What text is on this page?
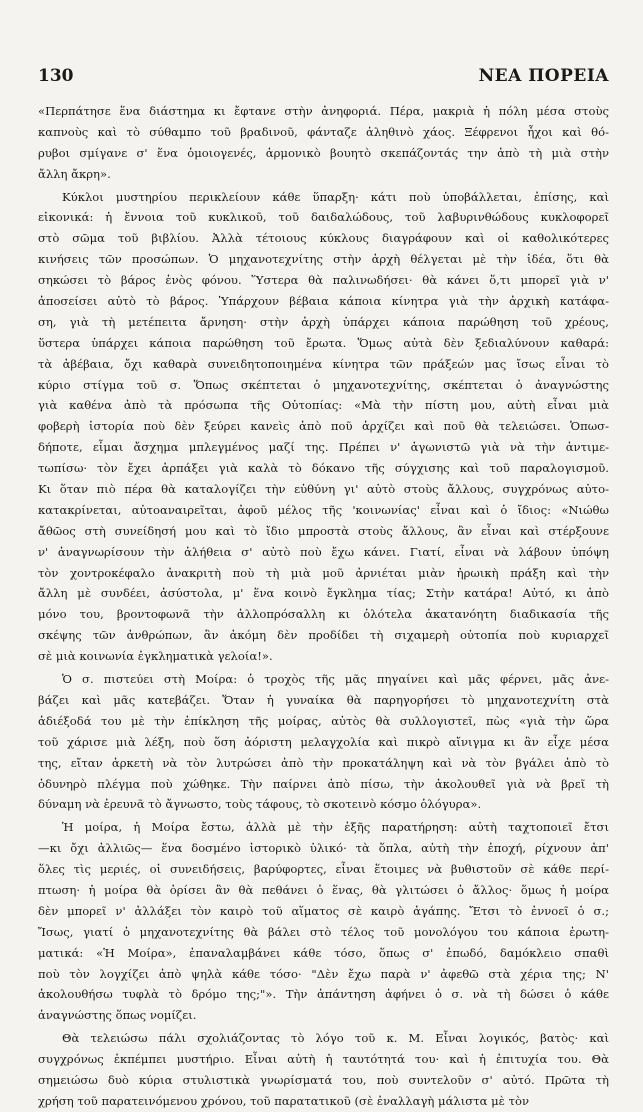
130	ΝΕΑ ΠΟΡΕΙΑ
«Περπάτησε ἕνα διάστημα κι ἔφτανε στὴν ἀνηφοριά. Πέρα, μακριὰ ἡ πόλη μέσα στοὺς
καπνοὺς καὶ τὸ σύθαμπο τοῦ βραδινοῦ, φάνταζε ἀληθινὸ χάος. Ξέφρενοι ἦχοι καὶ θό-
ρυβοι σμίγανε σ' ἕνα ὁμοιογενές, ἁρμονικὸ βουητὸ σκεπάζοντάς την ἀπὸ τὴ μιὰ στὴν
ἄλλη ἄκρη».
Κύκλοι μυστηρίου περικλείουν κάθε ὕπαρξη· κάτι ποὺ ὑποβάλλεται, ἐπίσης, καὶ
εἰκονικά: ἡ ἔννοια τοῦ κυκλικοῦ, τοῦ δαιδαλώδους, τοῦ λαβυρινθώδους κυκλοφορεῖ
στὸ σῶμα τοῦ βιβλίου. Ἀλλὰ τέτοιους κύκλους διαγράφουν καὶ οἱ καθολικότερες
κινήσεις τῶν προσώπων. Ὁ μηχανοτεχνίτης στὴν ἀρχὴ θέλγεται μὲ τὴν ἰδέα, ὅτι θὰ
σηκώσει τὸ βάρος ἑνὸς φόνου. Ὕστερα θὰ παλινωδήσει· θὰ κάνει ὅ,τι μπορεῖ γιὰ ν'
ἀποσείσει αὐτὸ τὸ βάρος. Ὑπάρχουν βέβαια κάποια κίνητρα γιὰ τὴν ἀρχικὴ κατάφα-
ση, γιὰ τὴ μετέπειτα ἄρνηση· στὴν ἀρχὴ ὑπάρχει κάποια παρώθηση τοῦ χρέους,
ὕστερα ὑπάρχει κάποια παρώθηση τοῦ ἔρωτα. Ὅμως αὐτὰ δὲν ξεδιαλύνουν καθαρά:
τὰ ἀβέβαια, ὄχι καθαρὰ συνειδητοποιημένα κίνητρα τῶν πράξεών μας ἴσως εἶναι τὸ
κύριο στίγμα τοῦ σ. Ὅπως σκέπτεται ὁ μηχανοτεχνίτης, σκέπτεται ὁ ἀναγνώστης
γιὰ καθένα ἀπὸ τὰ πρόσωπα τῆς Οὐτοπίας: «Μὰ τὴν πίστη μου, αὐτὴ εἶναι μιὰ
φοβερὴ ἱστορία ποὺ δὲν ξεύρει κανεὶς ἀπὸ ποῦ ἀρχίζει καὶ ποῦ θὰ τελειώσει. Ὁπωσ-
δήποτε, εἶμαι ἄσχημα μπλεγμένος μαζί της. Πρέπει ν' ἀγωνιστῶ γιὰ νὰ τὴν ἀντιμε-
τωπίσω· τὸν ἔχει ἁρπάξει γιὰ καλὰ τὸ δόκανο τῆς σύγχισης καὶ τοῦ παραλογισμοῦ.
Κι ὅταν πιὸ πέρα θὰ καταλογίζει τὴν εὐθύνη γι' αὐτὸ στοὺς ἄλλους, συγχρόνως αὐτο-
κατακρίνεται, αὐτοαναιρεῖται, ἀφοῦ μέλος τῆς 'κοινωνίας' εἶναι καὶ ὁ ἴδιος: «Νιώθω
ἄθῶος στὴ συνείδησή μου καὶ τὸ ἴδιο μπροστὰ στοὺς ἄλλους, ἂν εἶναι καὶ στέρξουνε
ν' ἀναγνωρίσουν τὴν ἀλήθεια σ' αὐτὸ ποὺ ἔχω κάνει. Γιατί, εἶναι νὰ λάβουν ὑπόψη
τὸν χοντροκέφαλο ἀνακριτὴ ποὺ τὴ μιὰ μοῦ ἀρνιέται μιὰν ἠρωικὴ πράξη καὶ τὴν
ἄλλη μὲ συνδέει, ἀσύστολα, μ' ἕνα κοινὸ ἔγκλημα τίας; Στὴν κατάρα! Αὐτό, κι ἀπὸ
μόνο του, βροντοφωνᾶ τὴν ἀλλοπρόσαλλη κι ὁλότελα ἀκατανόητη διαδικασία τῆς
σκέψης τῶν ἀνθρώπων, ἂν ἀκόμη δὲν προδίδει τὴ σιχαμερὴ οὐτοπία ποὺ κυριαρχεῖ
σὲ μιὰ κοινωνία ἐγκληματικὰ γελοία!».
Ὁ σ. πιστεύει στὴ Μοίρα: ὁ τροχὸς τῆς μᾶς πηγαίνει καὶ μᾶς φέρνει, μᾶς ἀνε-
βάζει καὶ μᾶς κατεβάζει. Ὅταν ἡ γυναίκα θὰ παρηγορήσει τὸ μηχανοτεχνίτη στὰ
ἀδιέξοδά του μὲ τὴν ἐπίκληση τῆς μοίρας, αὐτὸς θὰ συλλογιστεῖ, πὼς «γιὰ τὴν ὥρα
τοῦ χάρισε μιὰ λέξη, ποὺ ὅση ἀόριστη μελαγχολία καὶ πικρὸ αἴνιγμα κι ἂν εἶχε μέσα
της, εἴταν ἀρκετὴ νὰ τὸν λυτρώσει ἀπὸ τὴν προκατάληψη καὶ νὰ τὸν βγάλει ἀπὸ τὸ
ὀδυνηρὸ πλέγμα ποὺ χώθηκε. Τὴν παίρνει ἀπὸ πίσω, τὴν ἀκολουθεῖ γιὰ νὰ βρεῖ τὴ
δύναμη νὰ ἐρευνᾶ τὸ ἄγνωστο, τοὺς τάφους, τὸ σκοτεινὸ κόσμο ὁλόγυρα».
Ἡ μοίρα, ἡ Μοίρα ἔστω, ἀλλὰ μὲ τὴν ἑξῆς παρατήρηση: αὐτὴ ταχτοποιεῖ ἔτσι
—κι ὄχι ἀλλιῶς— ἕνα δοσμένο ἱστορικὸ ὑλικό· τὰ ὅπλα, αὐτὴ τὴν ἐποχή, ρίχνουν ἀπ'
ὅλες τὶς μεριές, οἱ συνειδήσεις, βαρύφορτες, εἶναι ἕτοιμες νὰ βυθιστοῦν σὲ κάθε περί-
πτωση· ἡ μοίρα θὰ ὁρίσει ἂν θὰ πεθάνει ὁ ἕνας, θὰ γλιτώσει ὁ ἄλλος· ὅμως ἡ μοίρα
δὲν μπορεῖ ν' ἀλλάξει τὸν καιρὸ τοῦ αἵματος σὲ καιρὸ ἀγάπης. Ἔτσι τὸ ἐννοεῖ ὁ σ.;
Ἴσως, γιατί ὁ μηχανοτεχνίτης θὰ βάλει στὸ τέλος τοῦ μονολόγου του κάποια ἐρωτη-
ματικά: «Ἡ Μοίρα», ἐπαναλαμβάνει κάθε τόσο, ὅπως σ' ἐπωδό, δαμόκλειο σπαθὶ
ποὺ τὸν λογχίζει ἀπὸ ψηλὰ κάθε τόσο· "Δὲν ἔχω παρὰ ν' ἀφεθῶ στὰ χέρια της; Ν'
ἀκολουθήσω τυφλὰ τὸ δρόμο της;"». Τὴν ἀπάντηση ἀφήνει ὁ σ. νὰ τὴ δώσει ὁ κάθε
ἀναγνώστης ὅπως νομίζει.
Θὰ τελειώσω πάλι σχολιάζοντας τὸ λόγο τοῦ κ. Μ. Εἶναι λογικός, βατὸς· καὶ
συγχρόνως ἐκπέμπει μυστήριο. Εἶναι αὐτὴ ἡ ταυτότητά του· καὶ ἡ ἐπιτυχία του. Θὰ
σημειώσω δυὸ κύρια στυλιστικὰ γνωρίσματά του, ποὺ συντελοῦν σ' αὐτό. Πρῶτα τὴ
χρήση τοῦ παρατεινόμενου χρόνου, τοῦ παρατατικοῦ (σὲ ἐναλλαγὴ μάλιστα μὲ τὸν
